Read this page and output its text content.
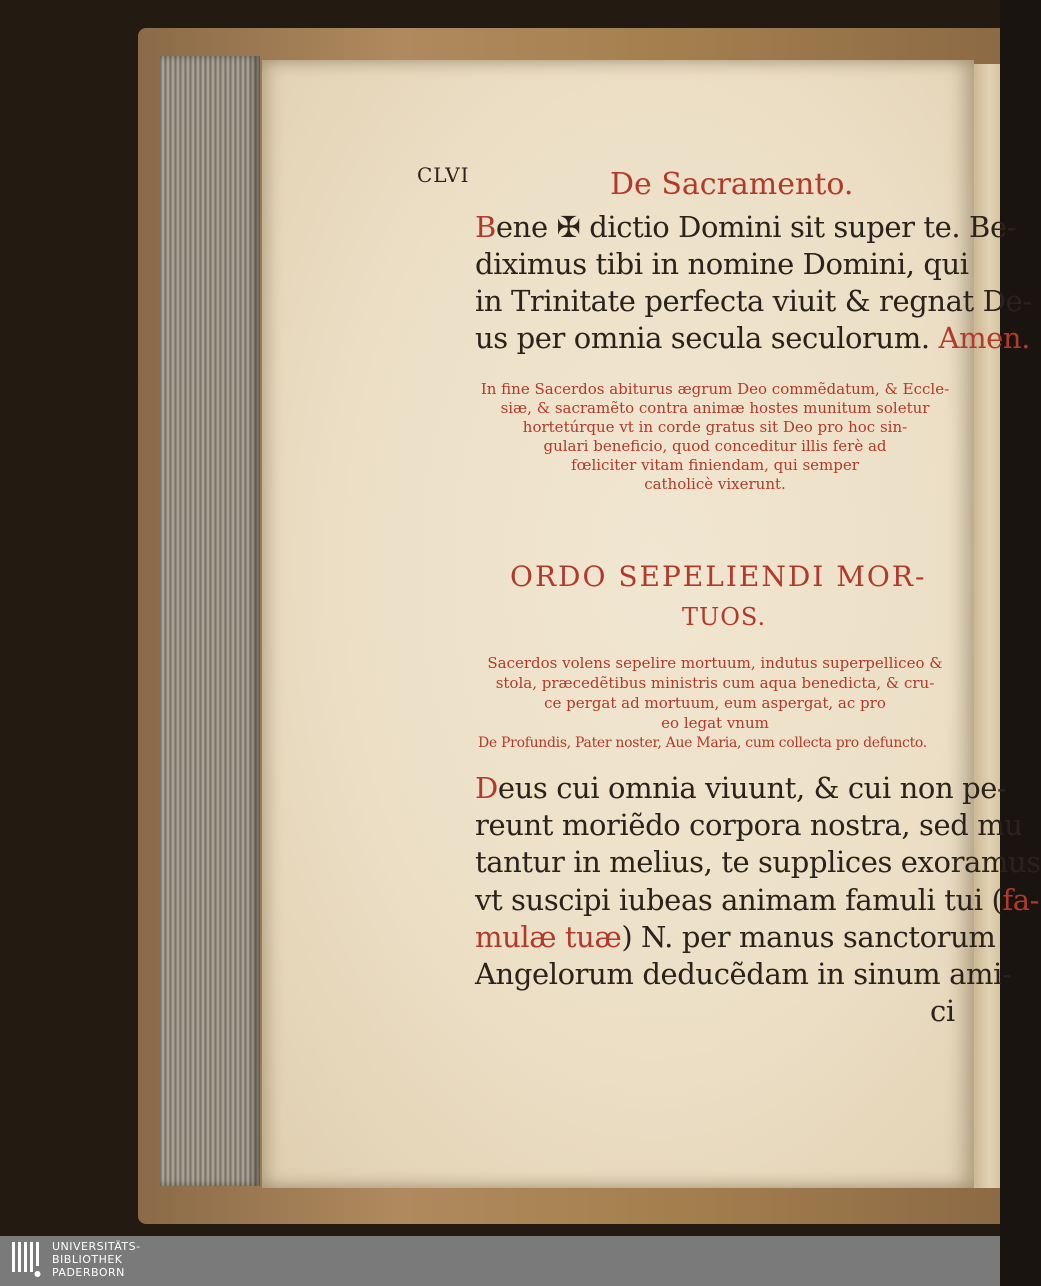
CLVI	De Sacramento.
Bene ✠ dictio Domini sit super te. Be-
diximus tibi in nomine Domini, qui
in Trinitate perfecta viuit & regnat De-
us per omnia secula seculorum. Amen.
In fine Sacerdos abiturus ægrum Deo commẽdatum, & Eccle-
siæ, & sacramẽto contra animæ hostes munitum soletur
hortetúrque vt in corde gratus sit Deo pro hoc sin-
gulari beneficio, quod conceditur illis ferè ad
fœliciter vitam finiendam, qui semper
catholicè vixerunt.
ORDO SEPELIENDI MOR-
TUOS.
Sacerdos volens sepelire mortuum, indutus superpelliceo &
stola, præcedẽtibus ministris cum aqua benedicta, & cru-
ce pergat ad mortuum, eum aspergat, ac pro
eo legat vnum
De Profundis, Pater noster, Aue Maria, cum collecta pro defuncto.
Deus cui omnia viuunt, & cui non pe-
reunt moriẽdo corpora nostra, sed mu
tantur in melius, te supplices exoramus
vt suscipi iubeas animam famuli tui (fa-
mulæ tuæ) N. per manus sanctorum
Angelorum deducẽdam in sinum ami-
ci
UNIVERSITÄTS-
BIBLIOTHEK
PADERBORN
